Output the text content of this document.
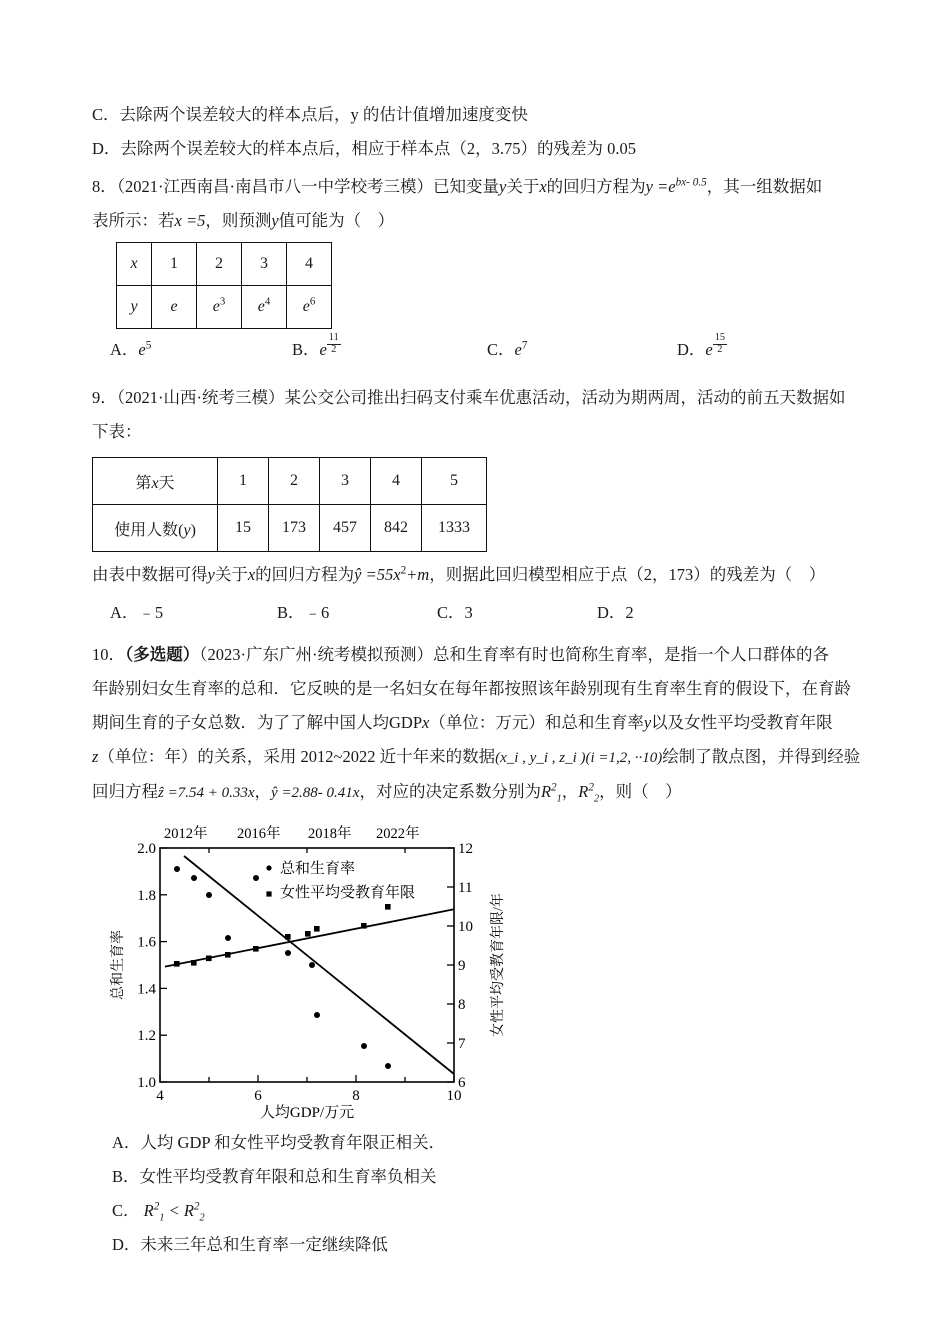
C．去除两个误差较大的样本点后，y 的估计值增加速度变快
D．去除两个误差较大的样本点后，相应于样本点（2，3.75）的残差为 0.05
8．（2021·江西南昌·南昌市八一中学校考三模）已知变量y关于x的回归方程为$y =e^{bx- 0.5}$，其一组数据如
表所示：若x =5，则预测y值可能为（　）
x	1	2	3	4
y	e	$e^3$	$e^4$	$e^6$
A．$e^5$	B．e $\frac{11}{2}$	C．$e^7$	D．e $\frac{15}{2}$
9．（2021·山西·统考三模）某公交公司推出扫码支付乘车优惠活动，活动为期两周，活动的前五天数据如
下表：
第x天	1	2	3	4	5
使用人数(y)	15	173	457	842	1333
由表中数据可得y关于x的回归方程为ŷ $=55x^2+m$，则据此回归模型相应于点（2，173）的残差为（　）
A．﹣5	B．﹣6	C．3	D．2
10．（多选题）（2023·广东广州·统考模拟预测）总和生育率有时也简称生育率，是指一个人口群体的各
年龄别妇女生育率的总和．它反映的是一名妇女在每年都按照该年龄别现有生育率生育的假设下，在育龄
期间生育的子女总数．为了了解中国人均GDPx（单位：万元）和总和生育率y以及女性平均受教育年限
z（单位：年）的关系，采用 2012~2022 近十年来的数据(x_i , y_i , z_i )(i =1,2, ··10)绘制了散点图，并得到经验
回归方程ẑ =7.54 + 0.33x，ŷ =2.88- 0.41x，对应的决定系数分别为$R^2_1$，$R^2_2$，则（　）
2012年 2016年 2018年 2022年
2.0
1.8
1.6
1.4
1.2
1.0
12
11
10
9
8
7
6
4	6	8	10
人均GDP/万元
总和生育率	女性平均受教育年限/年
总和生育率
女性平均受教育年限
A．人均 GDP 和女性平均受教育年限正相关．
B．女性平均受教育年限和总和生育率负相关
C． $R^2_1 < R^2_2$
D．未来三年总和生育率一定继续降低
